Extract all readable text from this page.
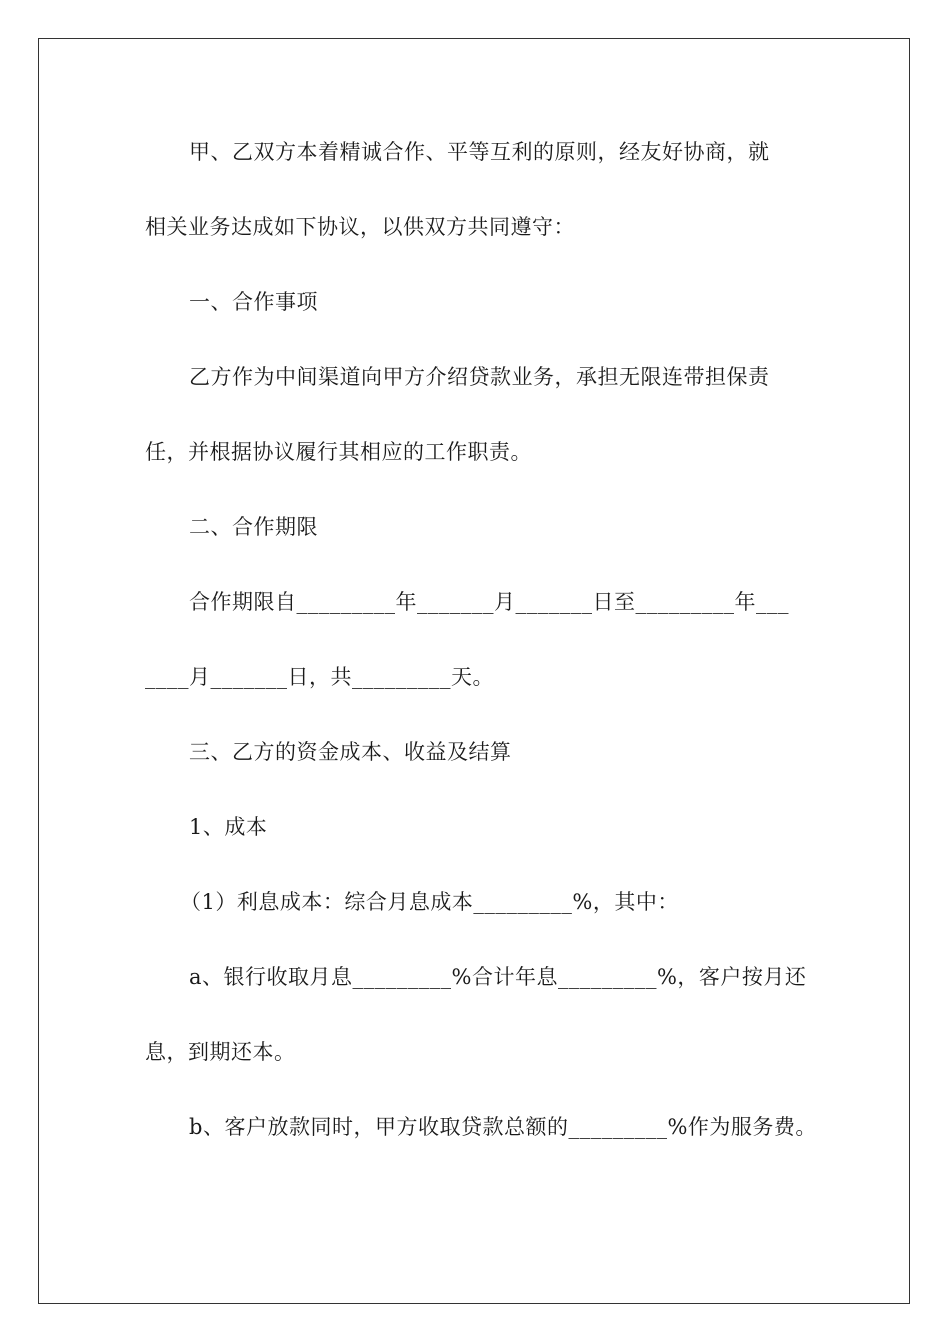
甲、乙双方本着精诚合作、平等互利的原则，经友好协商，就
相关业务达成如下协议，以供双方共同遵守：
一、合作事项
乙方作为中间渠道向甲方介绍贷款业务，承担无限连带担保责
任，并根据协议履行其相应的工作职责。
二、合作期限
合作期限自_________年_______月_______日至_________年___
____月_______日，共_________天。
三、乙方的资金成本、收益及结算
1、成本
（1）利息成本：综合月息成本_________%，其中：
a、银行收取月息_________%合计年息_________%，客户按月还
息，到期还本。
b、客户放款同时，甲方收取贷款总额的_________%作为服务费。
